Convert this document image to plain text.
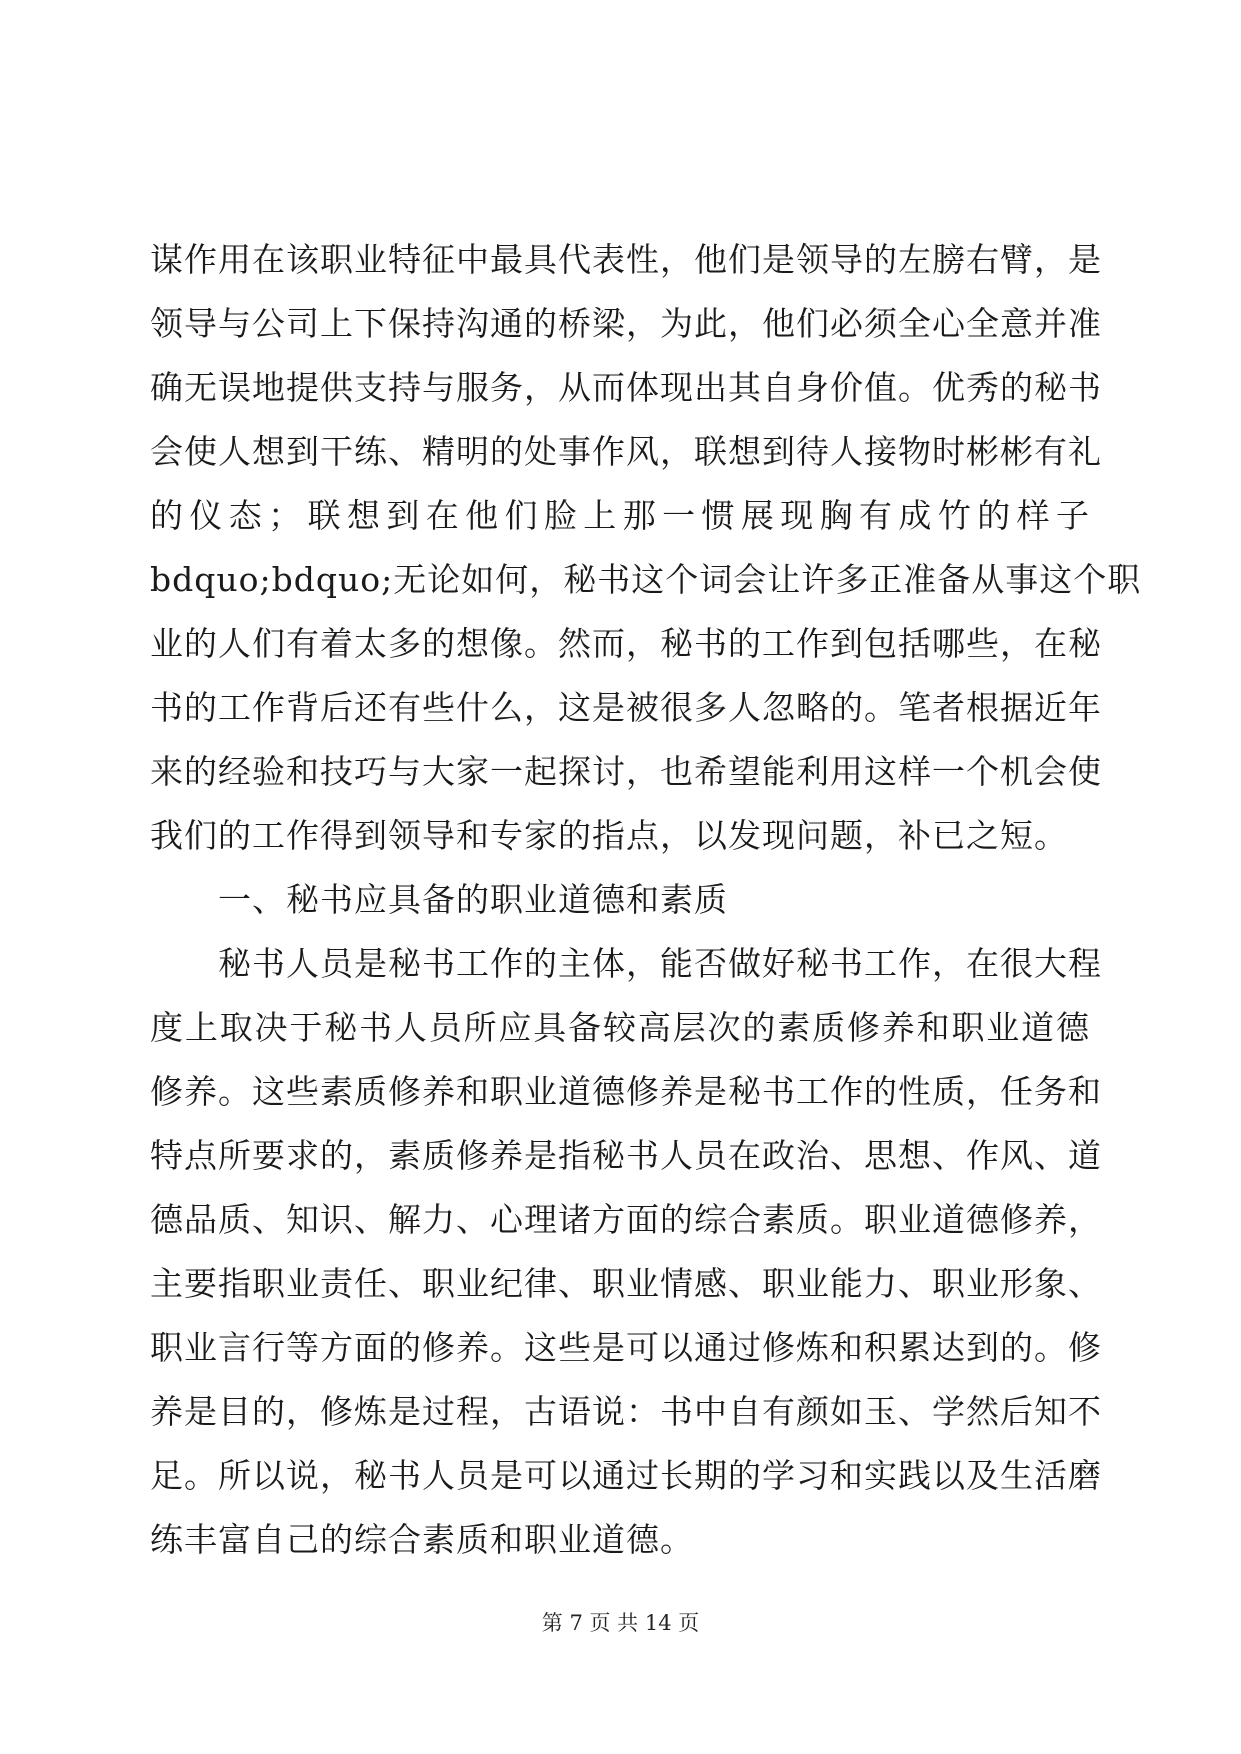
谋作用在该职业特征中最具代表性，他们是领导的左膀右臂，是
领导与公司上下保持沟通的桥梁，为此，他们必须全心全意并准
确无误地提供支持与服务，从而体现出其自身价值。优秀的秘书
会使人想到干练、精明的处事作风，联想到待人接物时彬彬有礼
的仪态；联想到在他们脸上那一惯展现胸有成竹的样子
bdquo;bdquo;无论如何，秘书这个词会让许多正准备从事这个职
业的人们有着太多的想像。然而，秘书的工作到包括哪些，在秘
书的工作背后还有些什么，这是被很多人忽略的。笔者根据近年
来的经验和技巧与大家一起探讨，也希望能利用这样一个机会使
我们的工作得到领导和专家的指点，以发现问题，补已之短。
一、秘书应具备的职业道德和素质
秘书人员是秘书工作的主体，能否做好秘书工作，在很大程
度上取决于秘书人员所应具备较高层次的素质修养和职业道德
修养。这些素质修养和职业道德修养是秘书工作的性质，任务和
特点所要求的，素质修养是指秘书人员在政治、思想、作风、道
德品质、知识、解力、心理诸方面的综合素质。职业道德修养，
主要指职业责任、职业纪律、职业情感、职业能力、职业形象、
职业言行等方面的修养。这些是可以通过修炼和积累达到的。修
养是目的，修炼是过程，古语说：书中自有颜如玉、学然后知不
足。所以说，秘书人员是可以通过长期的学习和实践以及生活磨
练丰富自己的综合素质和职业道德。
第 7 页 共 14 页
